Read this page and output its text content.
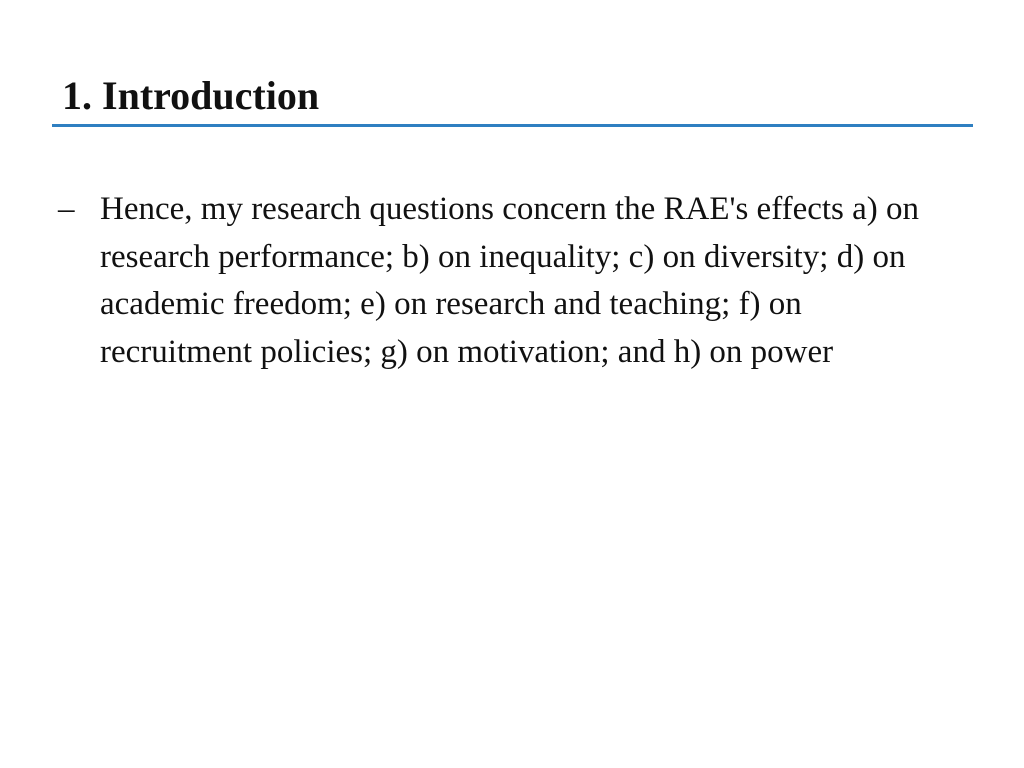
1. Introduction
– Hence, my research questions concern the RAE's effects a) on research performance; b) on inequality; c) on diversity; d) on academic freedom; e) on research and teaching; f) on recruitment policies; g) on motivation; and h) on power
